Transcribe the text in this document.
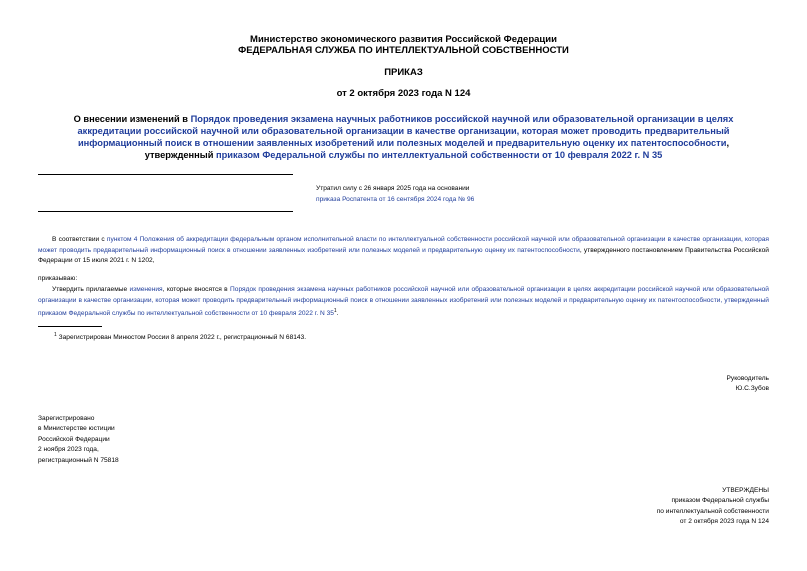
Министерство экономического развития Российской Федерации
ФЕДЕРАЛЬНАЯ СЛУЖБА ПО ИНТЕЛЛЕКТУАЛЬНОЙ СОБСТВЕННОСТИ
ПРИКАЗ
от 2 октября 2023 года N 124
О внесении изменений в Порядок проведения экзамена научных работников российской научной или образовательной организации в целях аккредитации российской научной или образовательной организации в качестве организации, которая может проводить предварительный информационный поиск в отношении заявленных изобретений или полезных моделей и предварительную оценку их патентоспособности, утвержденный приказом Федеральной службы по интеллектуальной собственности от 10 февраля 2022 г. N 35
Утратил силу с 26 января 2025 года на основании
приказа Роспатента от 16 сентября 2024 года № 96
В соответствии с пунктом 4 Положения об аккредитации федеральным органом исполнительной власти по интеллектуальной собственности российской научной или образовательной организации в качестве организации, которая может проводить предварительный информационный поиск в отношении заявленных изобретений или полезных моделей и предварительную оценку их патентоспособности, утвержденного постановлением Правительства Российской Федерации от 15 июля 2021 г. N 1202,
приказываю:
Утвердить прилагаемые изменения, которые вносятся в Порядок проведения экзамена научных работников российской научной или образовательной организации в целях аккредитации российской научной или образовательной организации в качестве организации, которая может проводить предварительный информационный поиск в отношении заявленных изобретений или полезных моделей и предварительную оценку их патентоспособности, утвержденный приказом Федеральной службы по интеллектуальной собственности от 10 февраля 2022 г. N $35^1$.
$^1$ Зарегистрирован Минюстом России 8 апреля 2022 г., регистрационный N 68143.
Руководитель
Ю.С.Зубов
Зарегистрировано
в Министерстве юстиции
Российской Федерации
2 ноября 2023 года,
регистрационный N 75818
УТВЕРЖДЕНЫ
приказом Федеральной службы
по интеллектуальной собственности
от 2 октября 2023 года N 124
